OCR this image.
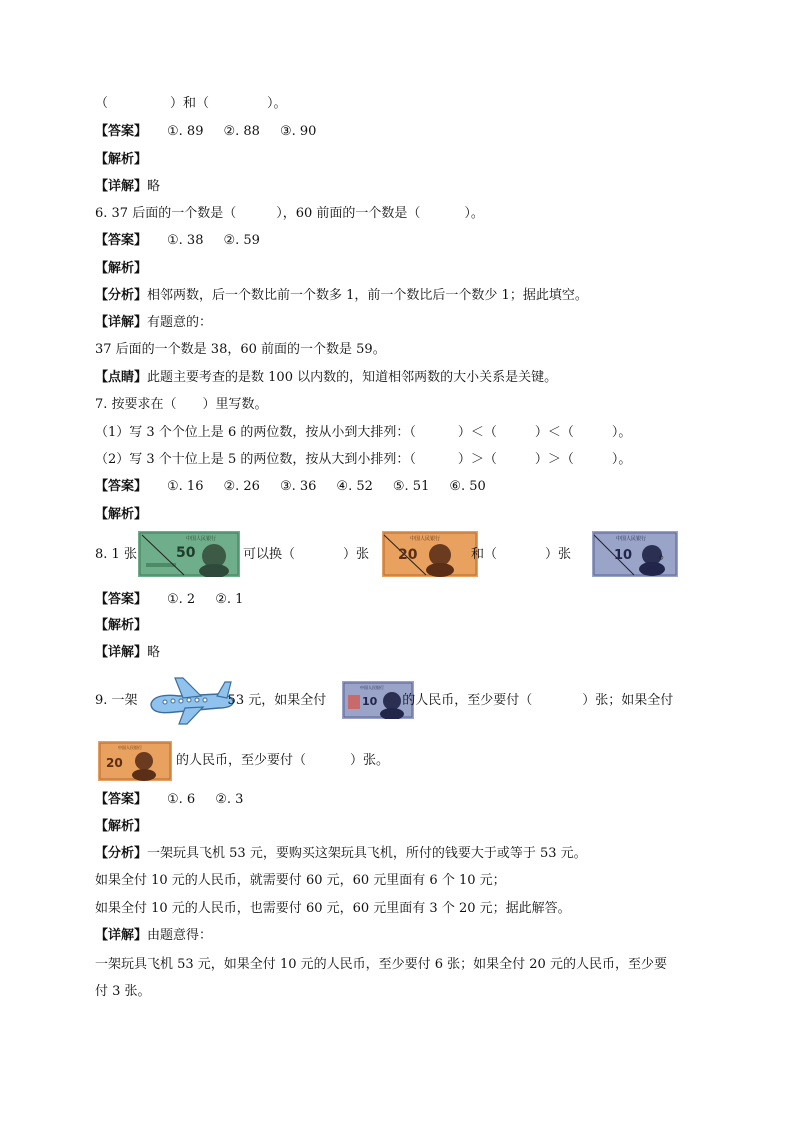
（	）和（	）。
【答案】 ①. 89 ②. 88 ③. 90
【解析】
【详解】略
6. 37 后面的一个数是（	），60 前面的一个数是（	）。
【答案】 ①. 38 ②. 59
【解析】
【分析】相邻两数，后一个数比前一个数多 1，前一个数比后一个数少 1；据此填空。
【详解】有题意的：
37 后面的一个数是 38，60 前面的一个数是 59。
【点睛】此题主要考查的是数 100 以内数的，知道相邻两数的大小关系是关键。
7. 按要求在（ ）里写数。
（1）写 3 个个位上是 6 的两位数，按从小到大排列：（	）＜（	）＜（	）。
（2）写 3 个十位上是 5 的两位数，按从大到小排列：（	）＞（	）＞（	）。
【答案】 ①. 16 ②. 26 ③. 36 ④. 52 ⑤. 51 ⑥. 50
【解析】
50
中国人民银行
20
中国人民银行
10
中国人民银行
8. 1 张	可以换（	）张	和（	）张	。
【答案】 ①. 2 ②. 1
【解析】
【详解】略
10
中国人民银行
9. 一架	53 元，如果全付	的人民币，至少要付（	）张；如果全付
20
中国人民银行
的人民币，至少要付（	）张。
【答案】 ①. 6 ②. 3
【解析】
【分析】一架玩具飞机 53 元，要购买这架玩具飞机，所付的钱要大于或等于 53 元。
如果全付 10 元的人民币，就需要付 60 元，60 元里面有 6 个 10 元；
如果全付 10 元的人民币，也需要付 60 元，60 元里面有 3 个 20 元；据此解答。
【详解】由题意得：
一架玩具飞机 53 元，如果全付 10 元的人民币，至少要付 6 张；如果全付 20 元的人民币，至少要
付 3 张。
